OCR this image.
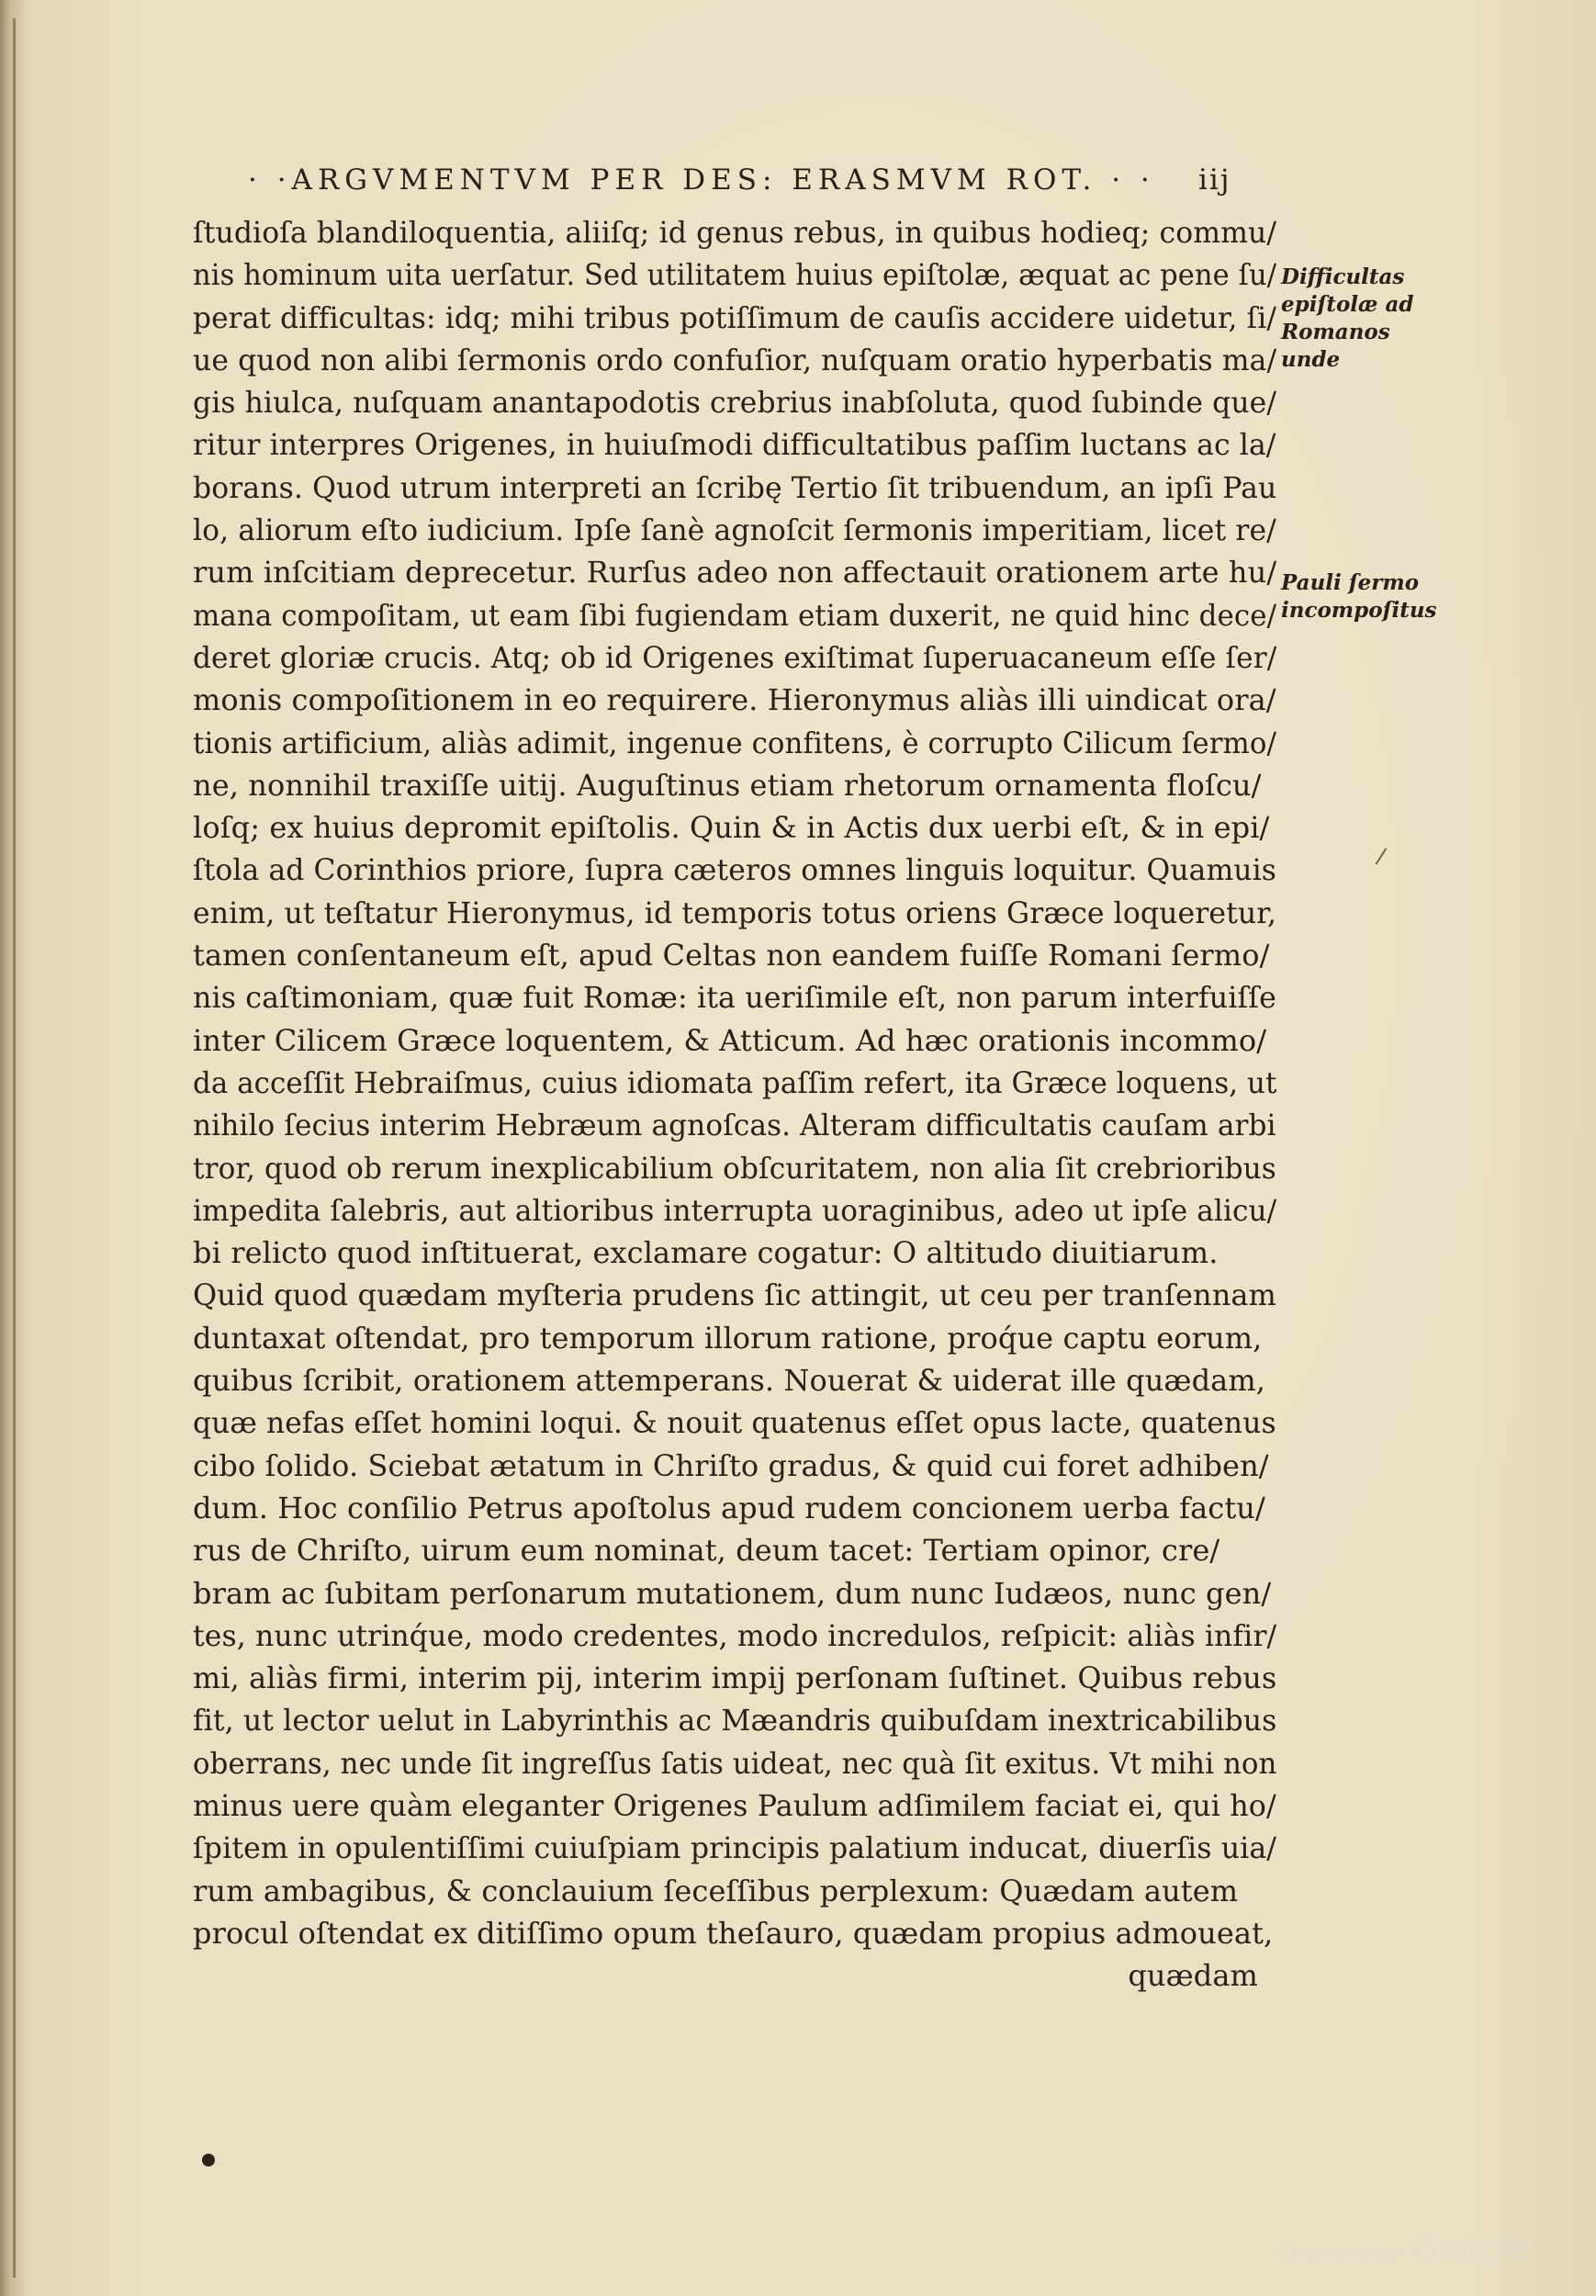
· ·ARGVMENTVM PER DES: ERASMVM ROT. · · iij
ſtudioſa blandiloquentia, aliiſq; id genus rebus, in quibus hodieq; commu/
nis hominum uita uerſatur. Sed utilitatem huius epiſtolæ, æquat ac pene ſu/
perat difficultas: idq; mihi tribus potiſſimum de cauſis accidere uidetur, ſi/
ue quod non alibi ſermonis ordo confuſior, nuſquam oratio hyperbatis ma/
gis hiulca, nuſquam anantapodotis crebrius inabſoluta, quod ſubinde que/
ritur interpres Origenes, in huiuſmodi difficultatibus paſſim luctans ac la/
borans. Quod utrum interpreti an ſcribę Tertio ſit tribuendum, an ipſi Pau
lo, aliorum eſto iudicium. Ipſe ſanè agnoſcit ſermonis imperitiam, licet re/
rum inſcitiam deprecetur. Rurſus adeo non affectauit orationem arte hu/
mana compoſitam, ut eam ſibi fugiendam etiam duxerit, ne quid hinc dece/
deret gloriæ crucis. Atq; ob id Origenes exiſtimat ſuperuacaneum eſſe ſer/
monis compoſitionem in eo requirere. Hieronymus aliàs illi uindicat ora/
tionis artificium, aliàs adimit, ingenue confitens, è corrupto Cilicum ſermo/
ne, nonnihil traxiſſe uitij. Auguſtinus etiam rhetorum ornamenta floſcu/
loſq; ex huius depromit epiſtolis. Quin & in Actis dux uerbi eſt, & in epi/
ſtola ad Corinthios priore, ſupra cæteros omnes linguis loquitur. Quamuis
enim, ut teſtatur Hieronymus, id temporis totus oriens Græce loqueretur,
tamen conſentaneum eſt, apud Celtas non eandem fuiſſe Romani ſermo/
nis caſtimoniam, quæ fuit Romæ: ita ueriſimile eſt, non parum interfuiſſe
inter Cilicem Græce loquentem, & Atticum. Ad hæc orationis incommo/
da acceſſit Hebraiſmus, cuius idiomata paſſim refert, ita Græce loquens, ut
nihilo ſecius interim Hebræum agnoſcas. Alteram difficultatis cauſam arbi
tror, quod ob rerum inexplicabilium obſcuritatem, non alia ſit crebrioribus
impedita ſalebris, aut altioribus interrupta uoraginibus, adeo ut ipſe alicu/
bi relicto quod inſtituerat, exclamare cogatur: O altitudo diuitiarum.
Quid quod quædam myſteria prudens ſic attingit, ut ceu per tranſennam
duntaxat oſtendat, pro temporum illorum ratione, proq́ue captu eorum,
quibus ſcribit, orationem attemperans. Nouerat & uiderat ille quædam,
quæ nefas eſſet homini loqui. & nouit quatenus eſſet opus lacte, quatenus
cibo ſolido. Sciebat ætatum in Chriſto gradus, & quid cui foret adhiben/
dum. Hoc conſilio Petrus apoſtolus apud rudem concionem uerba factu/
rus de Chriſto, uirum eum nominat, deum tacet: Tertiam opinor, cre/
bram ac ſubitam perſonarum mutationem, dum nunc Iudæos, nunc gen/
tes, nunc utrinq́ue, modo credentes, modo incredulos, reſpicit: aliàs infir/
mi, aliàs firmi, interim pij, interim impij perſonam ſuſtinet. Quibus rebus
fit, ut lector uelut in Labyrinthis ac Mæandris quibuſdam inextricabilibus
oberrans, nec unde ſit ingreſſus ſatis uideat, nec quà ſit exitus. Vt mihi non
minus uere quàm eleganter Origenes Paulum adſimilem faciat ei, qui ho/
ſpitem in opulentiſſimi cuiuſpiam principis palatium inducat, diuerſis uia/
rum ambagibus, & conclauium ſeceſſibus perplexum: Quædam autem
procul oſtendat ex ditiſſimo opum theſauro, quædam propius admoueat,
quædam
Difficultas
epiſtolæ ad
Romanos
unde
Pauli ſermo
incompoſitus
/
Digitized by Google
